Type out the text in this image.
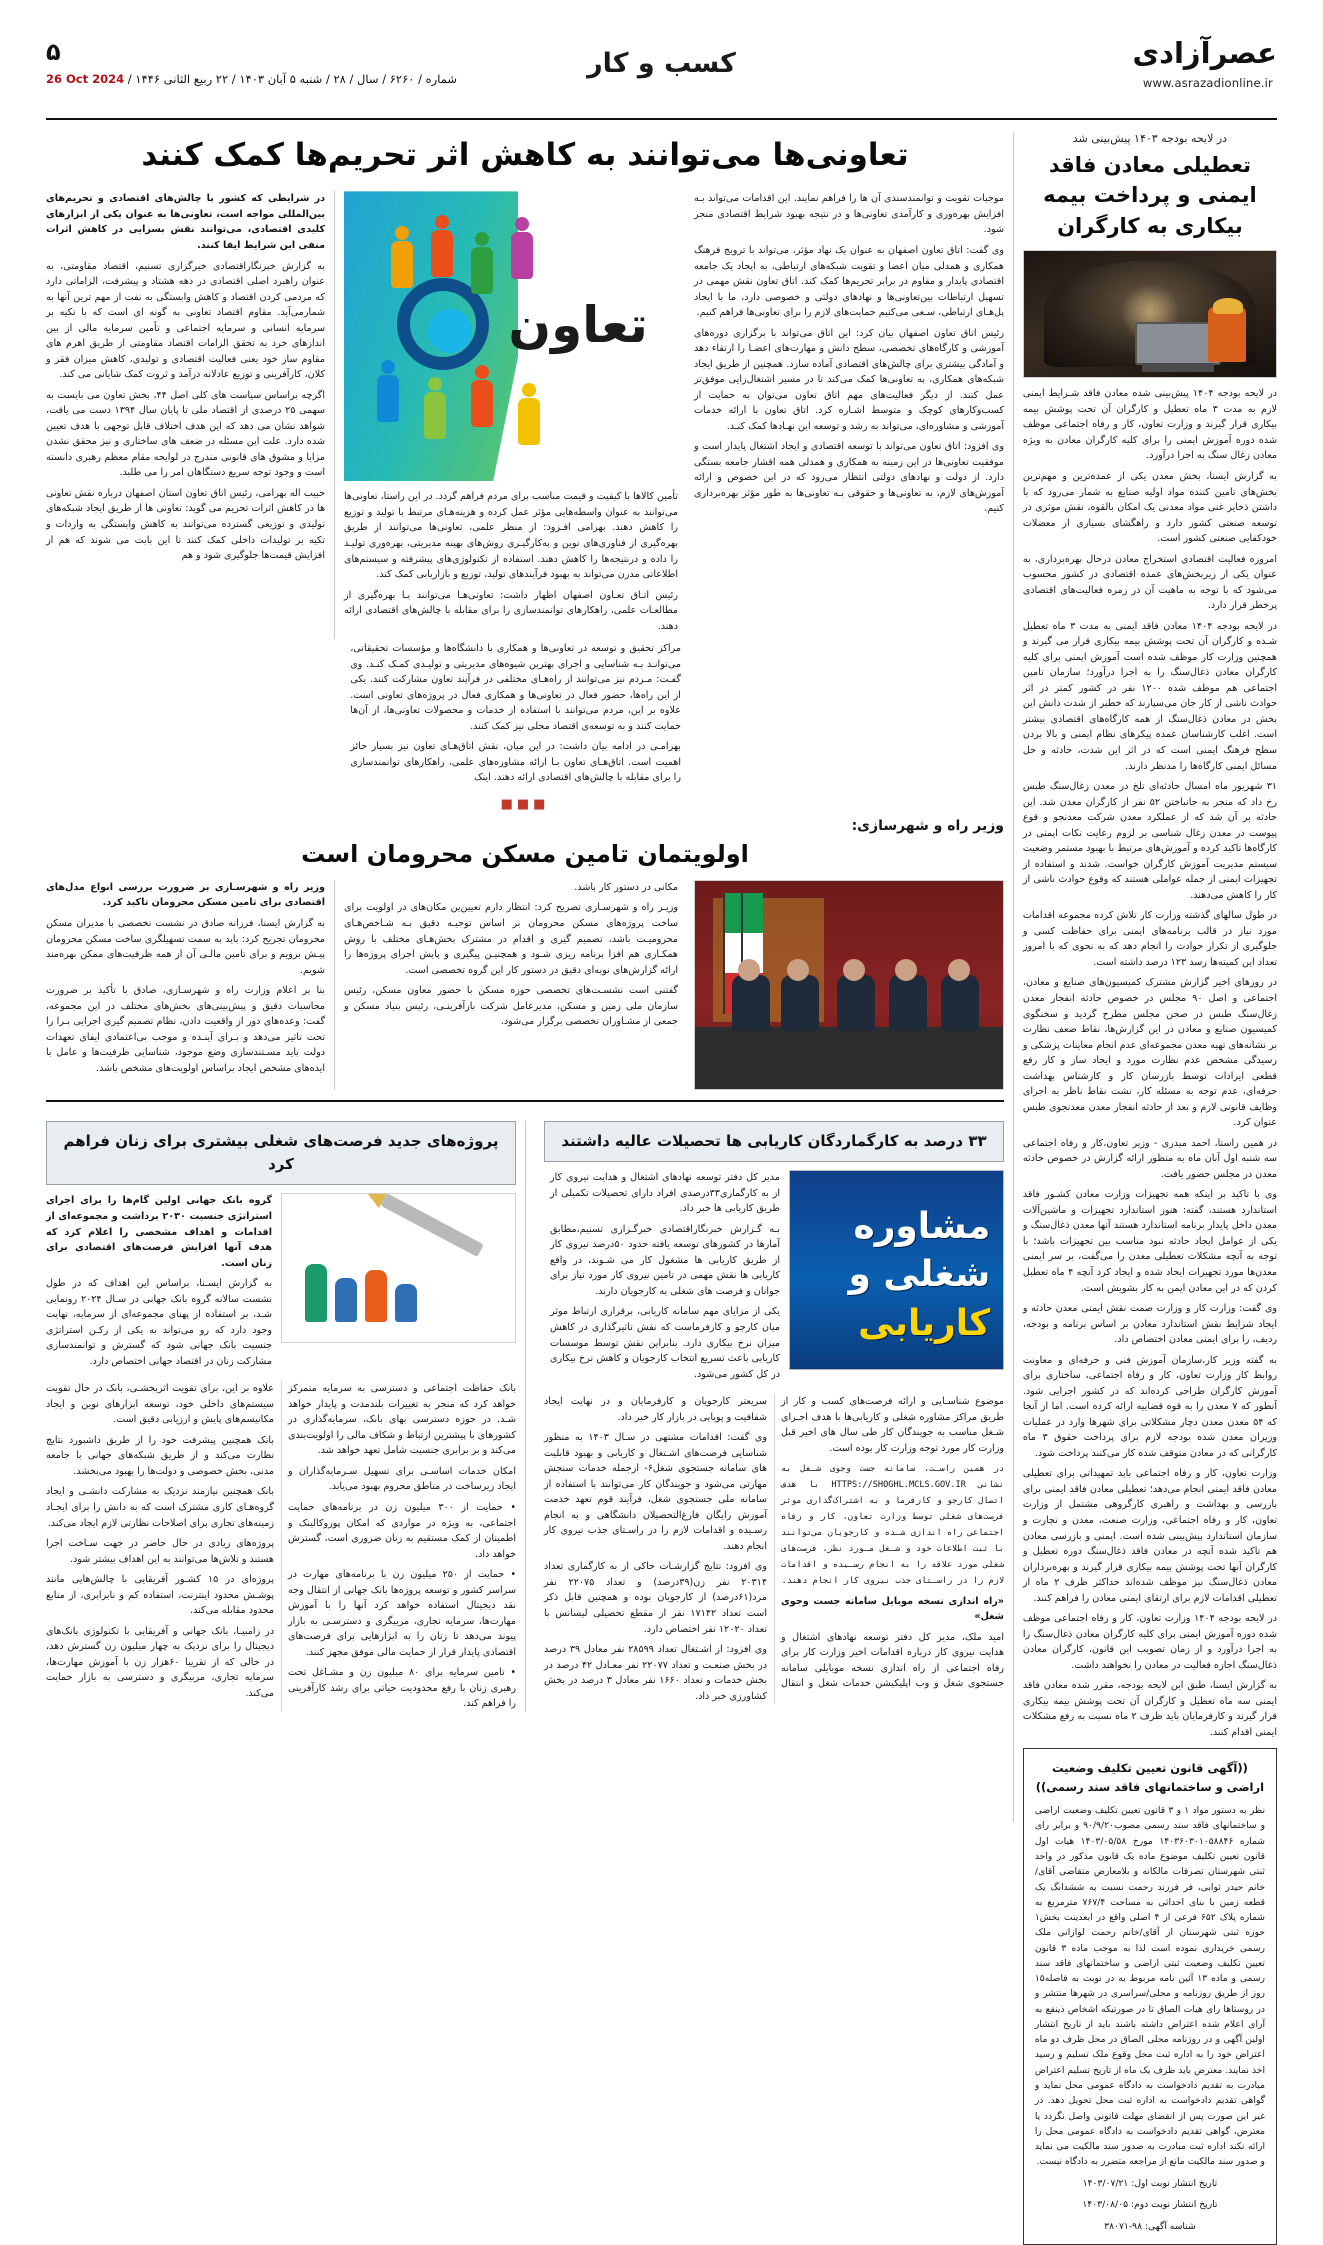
عصرآزادی
www.asrazadionline.ir
کسب و کار
۵
شماره / ۶۲۶۰ / سال / ۲۸ / شنبه ۵ آبان ۱۴۰۳ / ۲۲ ربیع الثانی ۱۴۴۶ / 26 Oct 2024
در لایحه بودجه ۱۴۰۳ پیش‌بینی شد
تعطیلی معادن فاقد ایمنی و پرداخت بیمه بیکاری به کارگران

در لایحه بودجه ۱۴۰۴ پیش‌بینی شده معادن فاقد شـرایط ایمنی لازم به مدت ۳ ماه تعطیل و کارگران آن تحت پوشش بیمه بیکاری قرار گیرند و وزارت تعاون، کار و رفاه اجتماعی موظف شده دوره آموزش ایمنی را برای کلیه کارگران معادن به ویژه معادن زغال سنگ به اجرا درآورد.

به گزارش ایسنا، بخش معدن یکی از عمده‌ترین و مهم‌ترین بخش‌های تامین کننده مواد اولیه صنایع به شمار می‌رود که با داشتن ذخایر غنی مواد معدنی یک امکان بالقوه، نقش موثری در توسعه صنعتی کشور دارد و راهگشای بسیاری از معضلات خودکفایی صنعتی کشور است.

امروزه فعالیت اقتصادی استخراج معادن درحال بهره‌برداری، به عنوان یکی از زیربخش‌های عمده اقتصادی در کشور محسوب می‌شود که با توجه به ماهیت آن در زمره فعالیت‌های اقتصادی پرخطر قرار دارد.

در لایحه بودجه ۱۴۰۴ معادن فاقد ایمنی به مدت ۳ ماه تعطیل شـده و کارگران آن تحت پوشش بیمه بیکاری قرار می گیرند و همچنین وزارت کار موظف شده است آموزش ایمنی برای کلیه کارگران معادن ذغال‌سنگ را به اجرا درآورد؛ سازمان تامین اجتماعی هم موظف شده ۱۲۰۰ نفر در کشور کمتر در اثر حوادث ناشی از کار جان می‌سپارند که خطیر از شدت دانش این بخش در معادن ذغال‌سنگ از همه کارگاه‌های اقتصادی بیشتر است. اغلب کارشناسان عمده پیکرهای نظام ایمنی و بالا بردن سطح فرهنگ ایمنی است که در اثر این شدت، حادثه و حل مسائل ایمنی کارگاه‌ها را مدنظر دارند.

۳۱ شهریور ماه امسال حادثه‌ای تلخ در معدن زغال‌سنگ طبس رخ داد که منجر به جانباختن ۵۲ نفر از کارگران معدن شد. این حادثه بر آن شد که از عملکرد معدن شرکت معدنجو و قوع پیوست در معدن زغال شناسی بر لزوم رعایت نکات ایمنی در کارگاه‌ها تاکید کرده و آموزش‌های مرتبط با بهبود مستمر وضعیت سیستم مدیریت آموزش کارگران خواست. شدند و استفاده از تجهیزات ایمنی از جمله عواملی هستند که وقوع حوادث ناشی از کار را کاهش می‌دهند.

در طول سالهای گذشته وزارت کار تلاش کرده مجموعه اقدامات مورد نیاز در قالب برنامه‌های ایمنی برای حفاظت کسی و جلوگیری از تکرار حوادث را انجام دهد که به نحوی که با امروز تعداد این کمیته‌ها رسد ۱۲۳ درصد داشته است.

در روزهای اخیر گزارش مشترک کمیسیون‌های صنایع و معادن، اجتماعی و اصل ۹۰ مجلس در خصوص حادثه انفجار معدن زغال‌سنگ طبس در صحن مجلس مطرح گردید و سخنگوی کمیسیون صنایع و معادن در این گزارش‌ها، نقاط ضعف نظارت بر نشانه‌های تهیه معدن مجموعه‌ای عدم انجام معاینات پزشکی و رسیدگی مشخص عدم نظارت مورد و ایجاد ساز و کار رفع قطعی ایرادات توسط بازرسان کار و کارشناس بهداشت حرفه‌ای، عدم توجه به مسئله کار، نشت نقاط ناظر به اجرای وظایف قانونی لازم و بعد از حادثه انفجار معدن معدنجوی طبس عنوان کرد.

در همین راستا، احمد میدری - وزیر تعاون،کار و رفاه اجتماعی سه شنبه اول آبان ماه به منظور ارائه گزارش در خصوص حادثه معدن در مجلس حضور یافت.

وی با تاکید بر اینکه همه تجهیزات وزارت معادن کشـور فاقد استاندارد هستند، گفته: هنوز استاندارد تجهیزات و ماشین‌آلات معدن داخل پایدار برنامه استاندارد هستند آنها معدن ذغال‌سنگ و یکی از عوامل ایجاد حادثه نبود مناسب بین تجهیزات باشد؛ با توجه به آنچه مشکلات تعطیلی معدن را می‌گفت، بر سر ایمنی معدن‌ها مورد تجهیزات ایجاد شده و ایجاد کرد آنچه ۴ ماه تعطیل کردن که در این معادن ایمن به کار بشویش است.

وی گفت: وزارت کار و وزارت صمت نقش ایمنی معدن حادثه و ایجاد شرایط نقش استاندارد معادن بر اساس برنامه و بودجه، ردیف، را برای ایمنی معادن اختصاص داد.

به گفته وزیر کار،سازمان آموزش فنی و حرفه‌ای و معاونت روابط کار وزارت تعاون، کار و رفاه اجتماعی، ساختاری برای آموزش کارگران طراحی کرده‌اند که در کشور اجرایی شود. آنطور که ۷ معدن را به قوه قضاییه ارائه کرده است. اما از آنجا که ۵۴ معدن معدن دچار مشکلاتی برای شهرها وارد در عملیات وزیران معدن شده بودجه لازم برای پرداخت حقوق ۳ ماه کارگرانی که در معادن متوقف شده کار می‌کنند پرداخت شود.

وزارت تعاون، کار و رفاه اجتماعی باید تمهیداتی برای تعطیلی معادن فاقد ایمنی انجام می‌دهد؛ تعطیلی معادن فاقد ایمنی برای بازرسی و بهداشت و راهبری کارگروهی مشتمل از وزارت تعاون، کار و رفاه اجتماعی، وزارت صنعت، معدن و تجارت و سازمان استاندارد پیش‌بینی شده است. ایمنی و بازرسی معادن هم تاکید شده آنچه در معادن فاقد ذغال‌سنگ دوره تعطیل و کارگران آنها تحت پوشش بیمه بیکاری قرار گیرند و بهره‌برداران معادن ذغال‌سنگ نیز موظف شده‌اند حداکثر ظرف ۲ ماه از تعطیلی اقدامات لازم برای ارتقای ایمنی معادن را فراهم کنند.

در لایحه بودجه ۱۴۰۴ وزارت تعاون، کار و رفاه اجتماعی موظف شده دوره آموزش ایمنی برای کلیه کارگران معادن ذغال‌سنگ را به اجرا درآورد و از زمان تصویب این قانون، کارگران معادن ذغال‌سنگ اجازه فعالیت در معادن را نخواهند داشت.

به گزارش ایسنا، طبق این لایحه بودجه، مقرر شده معادن فاقد ایمنی سه ماه تعطیل و کارگران آن تحت پوشش بیمه بیکاری قرار گیرند و کارفرمایان باید ظرف ۲ ماه نسبت به رفع مشکلات ایمنی اقدام کنند.

((آگهی قانون تعیین تکلیف وضعیت اراضی و ساختمانهای فاقد سند رسمی))

نظر به دستور مواد ۱ و ۳ قانون تعیین تکلیف وضعیت اراضی و ساختمانهای فاقد سند رسمی مصوب۹۰/۹/۲۰ و برابر رای شماره ۱۴۰۳۶۰۳۰۱۰۵۸۸۴۶ مورخ ۱۴۰۳/۰۵/۵۸ هیات اول قانون تعیین تکلیف موضوع ماده یک قانون مذکور در واحد ثبتی شهرستان تصرفات مالکانه و بلامعارض متقاضی آقای/خانم حیدر ثوابی، فر فرزند رحمت نسبت به ششدانگ یک قطعه زمین با بنای احداثی به مساحت ۷۶۷/۴ مترمربع به شماره پلاک ۶۵۲ فرعی از ۴ اصلی واقع در ابعدینت بخش۱ حوزه ثبتی شهرستان از آقای/خانم رحمت لوازانی ملک رسمی خریداری نموده است لذا به موجب ماده ۳ قانون تعیین تکلیف وضعیت ثبتی اراضی و ساختمانهای فاقد سند رسمی و ماده ۱۳ آئین نامه مربوط به در نوبت به فاصله۱۵ روز از طریق روزنامه و محلی/سراسری در شهرها منتشر و در روستاها رای هیات الصاق تا در صورتیکه اشخاص ذینفع به آرای اعلام شده اعتراض داشته باشند باید از تاریخ انتشار اولین آگهی و در روزنامه محلی الصاق در محل ظرف دو ماه اعتراض خود را به اداره ثبت محل وقوع ملک تسلیم و رسید اخذ نمایند. معترض باید ظرف یک ماه از تاریخ تسلیم اعتراض مبادرت به تقدیم دادخواست به دادگاه عمومی محل نماید و گواهی تقدیم دادخواست به اداره ثبت محل تحویل دهد. در غیر این صورت پس از انقضای مهلت قانونی واصل نگردد یا معترض، گواهی تقدیم دادخواست به دادگاه عمومی محل را ارائه نکند اداره ثبت مبادرت به صدور سند مالکیت می نماید و صدور سند مالکیت مانع از مراجعه متضرر به دادگاه نیست.

تاریخ انتشار نوبت اول: ۱۴۰۳/۰۷/۲۱
تاریخ انتشار نوبت دوم: ۱۴۰۳/۰۸/۰۵
شناسه آگهی: ۹۸-۳۸۰۷۱
تعاونی‌ها می‌توانند به کاهش اثر تحریم‌ها کمک کنند

موجبات تقویت و توانمندسندی آن ها را فراهم نمایند. این اقدامات می‌تواند بـه افزایش بهره‌وری و کارآمدی تعاونی‌ها و در نتیجه بهبود شرایط اقتصادی منجر شود.

وی گفت: اتاق تعاون اصفهان به عنوان یک نهاد مؤثر، می‌تواند با ترویج فرهنگ همکاری و همدلی میان اعضا و تقویت شبکه‌های ارتباطی، به ایجاد یک جامعه اقتصادی پایدار و مقاوم در برابر تحریم‌ها کمک کند. اتاق تعاون نقش مهمی در تسهیل ارتباطات بین‌تعاونی‌ها و نهادهای دولتی و خصوصی دارد، ما با ایجاد پل‌هـای ارتباطی، سـعی می‌کنیم حمایت‌های لازم را برای تعاونی‌ها فراهم کنیم.

رئیس اتاق تعاون اصفهان بیان کرد: این اتاق می‌تواند با برگزاری دوره‌های آموزشی و کارگاه‌های تخصصی، سطح دانش و مهارت‌های اعضـا را ارتقاء دهد و آمادگی بیشتری برای چالش‌های اقتصادی آماده سازد. همچنین از طریق ایجاد شبکه‌های همکاری، به تعاونی‌ها کمک می‌کند تا در مسیر اشتغال‌زایی موفق‌تر عمل کنند. از دیگر فعالیت‌های مهم اتاق تعاون می‌توان به حمایت از کسب‌وکارهای کوچک و متوسط اشـاره کرد. اتاق تعاون با ارائه خدمات آموزشی و مشاوره‌ای، می‌تواند به رشد و توسعه این نهـادها کمک کنـد.

وی افزود: اتاق تعاون می‌تواند با توسعه اقتصادی و ایجاد اشتغال پایدار است و موفقیت تعاونی‌ها در این زمینه به همکاری و همدلی همه اقشار جامعه بستگی دارد. از دولت و نهادهای دولتی انتظار می‌رود که در این خصوص و ارائه آموزش‌های لازم، به تعاونی‌ها و حقوقی بـه تعاونی‌ها به طور مؤثر بهره‌برداری کنیم.

تعاون

تأمین کالاها با کیفیت و قیمت مناسب برای مردم فراهم گردد. در این راستا، تعاونی‌ها می‌توانند به عنوان واسطه‌هایی مؤثر عمل کرده و هزینه‌هـای مرتبط با تولید و توزیع را کاهش دهند. بهرامی افـزود: از منظر علمی، تعاونی‌ها می‌توانند از طریق بهره‌گیری از فناوری‌های نوین و به‌کارگیـری روش‌های بهینه مدیریتی، بهره‌وری تولیـد را داده و درنتیجه‌ها را کاهش دهند. استفاده از تکنولوژی‌های پیشرفته و سیستم‌های اطلاعاتی مدرن می‌تواند به بهبود فرآیندهای تولید، توزیع و بازاریابی کمک کند.

رئیس اتـاق تعـاون اصفهان اظهار داشت: تعاونی‌هـا می‌توانند بـا بهره‌گیری از مطالعـات علمی، راهکارهای توانمندسازی را برای مقابله با چالش‌های اقتصادی ارائه دهند.

در شرایطی که کشور با چالش‌های اقتصادی و تحریم‌های بین‌المللی مواجه است، تعاونی‌ها به عنوان یکی از ابزارهای کلیدی اقتصادی، می‌توانند نقش بسزایی در کاهش اثرات منفی این شرایط ایفا کنند.

به گزارش خبرنگاراقتصادی خبرگزاری تسنیم، اقتصاد مقاومتی، به عنوان راهبرد اصلی اقتصادی در دهه هشتاد و پیشرفت، الزاماتی دارد که مردمی کردن اقتصاد و کاهش وابستگی به نفت از مهم ترین آنها به شمارمی‌آید. مقاوم اقتصاد تعاونی به گونه ای است که با تکیه بر سرمایه انسانی و سرمایه اجتماعی و تأمین سرمایه مالی از بین اندازهای خرد به تحقق الزامات اقتصاد مقاومتی از طریق اهرم های مقاوم ساز خود یعنی فعالیت اقتصادی و تولیدی، کاهش میزان فقر و کلان، کارآفرینی و توزیع عادلانه درآمد و ثروت کمک شایانی می کند.

اگرچه براساس سیاست های کلی اصل ۴۴، بخش تعاون می بایست به سهمی ۲۵ درصدی از اقتصاد ملی تا پایان سال ۱۳۹۴ دست می یافت، شواهد نشان می دهد که این هدف اختلاف قابل توجهی با هدف تعیین شده دارد. علت این مسئله در ضعف های ساختاری و نیز محقق نشدن مزایا و مشوق های قانونی مندرج در لوایحه مقام معظم رهبری دانسته است و وجود توجه سریع دستگاهان امر را می طلبد.

حبیب اله بهرامی، رئیس اتاق تعاون استان اصفهان درباره نقش تعاونی ها در کاهش اثرات تحریم می گوید: تعاونی ها از طریق ایجاد شبکه‌های تولیدی و توزیعی گسترده می‌توانند به کاهش وابستگی به واردات و تکیه بر تولیدات داخلی کمک کنند تا این بابت می شوند که هم از افزایش قیمت‌ها جلوگیری شود و هم

مراکز تحقیق و توسعه در تعاونی‌ها و همکاری با دانشگاه‌ها و مؤسسات تحقیقاتی، می‌توانـد بـه شناسایی و اجرای بهترین شیوه‌های مدیریتی و تولیـدی کمـک کنـد. وی گفـت: مـردم نیز می‌توانند از راه‌هـای مختلفی در فرآیند تعاون مشارکت کنند. یکی از این راه‌ها، حضور فعال در تعاونی‌ها و همکاری فعال در پروژه‌های تعاونی است. علاوه بر این، مردم می‌توانند با استفاده از خدمات و محصولات تعاونی‌ها، از آن‌ها حمایت کنند و به توسعه‌ی اقتصاد محلی نیز کمک کنند.

بهرامـی در ادامه بیان داشت: در این میان، نقش اتاق‌هـای تعاون نیز بسیار حائز اهمیت است. اتاق‌هـای تعاون بـا ارائه مشاوره‌های علمی، راهکارهای توانمندسازی را برای مقابله با چالش‌های اقتصادی ارائه دهند. اینک

■■■
وزیر راه و شهرسازی:
اولویتمان تامین مسکن محرومان است

مکانی در دستور کار باشد.

وزیـر راه و شهرسـازی تصریح کرد: انتظار دارم تعیین‌ین مکان‌های در اولویت برای ساخت پروژه‌های مسکن محرومان بر اساس توجیـه دقیق بـه شـاخص‌هـای محرومیـت باشد، تصمیم گیری و اقدام در مشترک بخش‌هـای مختلف با روش همکـاری هم افزا برنامه ریزی شـود و همچنیـن پیگیری و پایش اجرای پروژه‌ها را ارائه گزارش‌های نوبه‌ای دقیق در دستور کار این گروه تخصصی است.

گفتنی است نشسـت‌های تخصصی حوزه مسکن با حضور معاون مسکن، رئیس سازمان ملی زمین و مسکن، مدیرعامل شرکت بازآفرینـی، رئیس بنیاد مسکن و جمعی از مشـاوران تخصصی برگزار می‌شود.

وزیر راه و شهرسـازی بر ضرورت بررسی انواع مدل‌های اقتصادی برای تامین مسکن محرومان تاکید کرد.

به گزارش ایسنا، فرزانه صادق در نشست تخصصی با مدیران مسکن محرومان تجریح کرد: باید به سمت تسهیلگری ساخت مسکن محرومان پیـش برویم و برای تامین مالـی آن از همه ظرفیت‌های ممکن بهره‌مند شویم.

بنا بر اعلام وزارت راه و شهرسـازی، صادق با تأکید بر ضرورت محاسبات دقیق و پیش‌بینی‌های بخش‌های مختلف در این مجموعه، گفت: وعده‌های دور از واقعیت دادن، نظام تصمیم گیری اجرایی بـرا را تحت تاثیر می‌دهد و بـرای آینـده و موجب بی‌اعتمادی ایفای تعهدات دولت باید مسـتندسازی وضع موجود، شناسایی ظرفیت‌ها و عامل با ایده‌های مشخص ایجاد براساس اولویت‌های مشخص باشد.

۳۳ درصد به کارگماردگان کاریابی ها تحصیلات عالیه داشتند
مشاوره شغلی و
کاریابی

مدیر کل دفتر توسعه نهادهای اشتغال و هدایت نیروی کار از به کارگماری۳۳درصدی افراد دارای تحصیلات تکمیلی از طریق کاریابی ها خبر داد.

بـه گـزارش خبرنگاراقتصادی خبرگـزاری تسنیم،مطابق آمارها در کشورهای توسعه یافته حدود ۵۰درصد نیروی کار از طریق کاریابی ها مشغول کار می شـوند، در واقع کاریابی ها نقش مهمی در تامین نیروی کار مورد نیاز برای جوانان و فرصت های شغلی به کارجویان دارند.

یکی از مزایای مهم سامانه کاریابی، برقراری ارتباط موثر میان کارجو و کارفرماست که نقش تاثیرگذاری در کاهش میزان نرخ بیکاری دارد. بنابراین نقش توسط موسسات کاریابی باعث تسریع انتخاب کارجویان و کاهش نرخ بیکاری در کل کشور می‌شود.

موضوع شناسـایی و ارائه فرصت‌های کسب و کار از طریق مراکز مشاوره شغلی و کاریابی‌ها با هدف اجـرای شـغل مناسب به جویندگان کار طی سال های اخیر قبل وزارت کار مورد توجه وزارت کار بوده است.

در همین راسـت، سامانه جست وجوی شـغل به نشانی HTTPS://SHOGHL.MCLS.GOV.IR با هدف اتصال کارجو و کارفرما و به اشتراک‌گذاری موثر فرصت‌های شغلی توسط وزارت تعاون، کار و رفاه اجتماعی راه اندازی شـده و کارجویان می‌توانند با ثبت اطلاعات خود و شـغل مـورد نظر، فرصت‌های شغلی مورد علاقه را به انجام رسـیده و اقدامات لازم را در راسـتای جذب نیروی کار انجام دهند.

«راه اندازی نسخه موبایل سامانه جست وجوی شغل»

امید ملک، مدیر کل دفتر توسعه نهادهای اشتغال و هدایت نیروی کار درباره اقدامات اخیر وزارت کار برای رفاه اجتماعی از راه اندازی نسخه موبایلی سامانه جستجوی شغل و وب اپلیکیشن خدمات شغل و انتقال سریعتر کارجویان و کارفرمایان و در نهایت ایجاد شفافیت و پویایی در بازار کار خبر داد.

وی گفت: اقدامات مشتهی در سـال ۱۴۰۳ به منظور شناسایی فرصت‌های اشـتغال و کاریابی و بهبود قابلیت های سامانه جستجوی شغل۶- ازجمله خدمات سنجش مهارتی می‌شود و جویندگان کار می‌توانند با استفاده از سامانه ملی جستجوی شغل، فرآیند قوم تعهد خدمت آموزش رایگان فارغ‌التحصیلان دانشگاهی و به انجام رسـیده و اقدامات لازم را در راسـتای جذب نیروی کار انجام دهند.

وی افزود: نتایج گزارشـات حاکی از به کارگماری تعداد ۲۰۳۱۴ نفر زن(۳۹درصد) و تعداد ۲۲۰۷۵ نفر مرد(۶۱درصد) از کارجویان بوده و همچنین قابل ذکر است تعداد ۱۷۱۴۲ نفر از مقطع تحصیلی لیسانس با تعداد ۱۲۰۲۰ نفر اختصاص دارد.

وی افزود: از اشـتغال تعداد ۲۸۵۹۹ نفر معادل ۳۹ درصد در بخش صنعـت و تعداد ۲۲۰۷۷ نفر معـادل ۴۲ درصد در بخش خدمات و تعداد ۱۶۶۰ نفر معادل ۳ درصد در بخش کشاورزی خبر داد.

پروژه‌های جدید فرصت‌های شغلی بیشتری برای زنان فراهم کرد

گروه بانک جهانی اولین گام‌ها را برای اجرای استراتژی جنسیت ۲۰۳۰ برداشت و مجموعه‌ای از اقدامات و اهداف مشخصی را اعلام کرد که هدف آنها افزایش فرصت‌های اقتصادی برای زنان است.

به گزارش ایسـنا، براساس این اهداف که در طول نشست سالانه گروه بانک جهانی در سـال ۲۰۲۴ رونمایی شـد، بر استفاده از پهنای مجموعه‌ای از سرمایه، نهایت وجود دارد که رو می‌تواند به یکی از رکـن استراتژی جنسیت بانک جهانی شود که گسترش و توانمندسازی مشارکت زنان در اقتصاد جهانی اختصاص دارد.

بانک حفاظت اجتماعی و دسترسی به سرمایه متمرکز خواهد کرد که منجر به تغییرات بلندمدت و پایدار خواهد شـد. در حوزه دسترسی بهای بانک، سرمایه‌گذاری در کشورهای با پیشترین ارتباط و شکاف مالی را اولویت‌بندی می‌کند و بر برابری جنسیت شامل تعهد خواهد شد.

امکان خدمات اساسـی برای تسهیل سـرمایه‌گذاران و ایجاد زیرساخت در مناطق محروم بهبود می‌یابد.

• حمایت از ۳۰۰ میلیون زن در برنامه‌های حمایت اجتماعی، به ویژه در مواردی که امکان پوروکالینک و اطمینان از کمک مستقیم به زنان ضروری است، گسترش خواهد داد.

• حمایت از ۲۵۰ میلیون زن با برنامه‌های مهارت در سراسر کشور و توسعه پروژه‌ها بانک جهانی از انتقال وجه نقد دیجیتال استفاده خواهد کرد آنها را با آموزش مهارت‌ها، سرمایه تجاری، مربیگری و دسترسـی به بازار پیوند می‌دهد تا زنان را به ابزارهایی برای فرصت‌های اقتصادی پایدار قرار از حمایت مالی موفق مجهز کنند.

• تامین سرمایه برای ۸۰ میلیون زن و مشـاغل تحت رهبری زنان با رفع محدودیت حیاتی برای رشد کارآفرینی را فراهم کند.

علاوه بر این، برای تقویت اثربخشـی، بانک در حال تقویت سیستم‌های داخلی خود، توسعه ابزارهای نوین و ایجاد مکانیسم‌های پایش و ارزیابی دقیق است.

بانک همچنین پیشرفت خود را از طریق داشبورد نتایج نظارت می‌کند و از طریق شبکه‌های جهانی با جامعه مدنی، بخش خصوصی و دولت‌ها را بهبود می‌بخشد.

بانک همچنین نیازمند نزدیک به مشارکت دانشـی و ایجاد گروه‌هـای کاری مشترک است که به دانش را برای ایجـاد زمینه‌های تجاری برای اصلاحات نظارتی لازم ایجاد می‌کند.

پروژه‌های زیادی در حال حاضر در جهت سـاخت اجرا هستند و تلاش‌ها می‌توانند به این اهداف بیشتر شود.

پروژه‌ای در ۱۵ کشـور آفریقایی با چالش‌هایی مانند پوشـش محدود اینترنت، استفاده کم و نابرابری، از منابع محدود مقابله می‌کند.

در زامبیـا، بانک جهانی و آفریقایی با تکنولوژی بانک‌های دیجیتال را برای نزدیک به چهار میلیون زن گسترش دهد، در حالی که از تقریبا ۶۰هزار زن با آموزش مهارت‌ها، سرمایه تجاری، مربیگری و دسترسی به بازار حمایت می‌کند.
